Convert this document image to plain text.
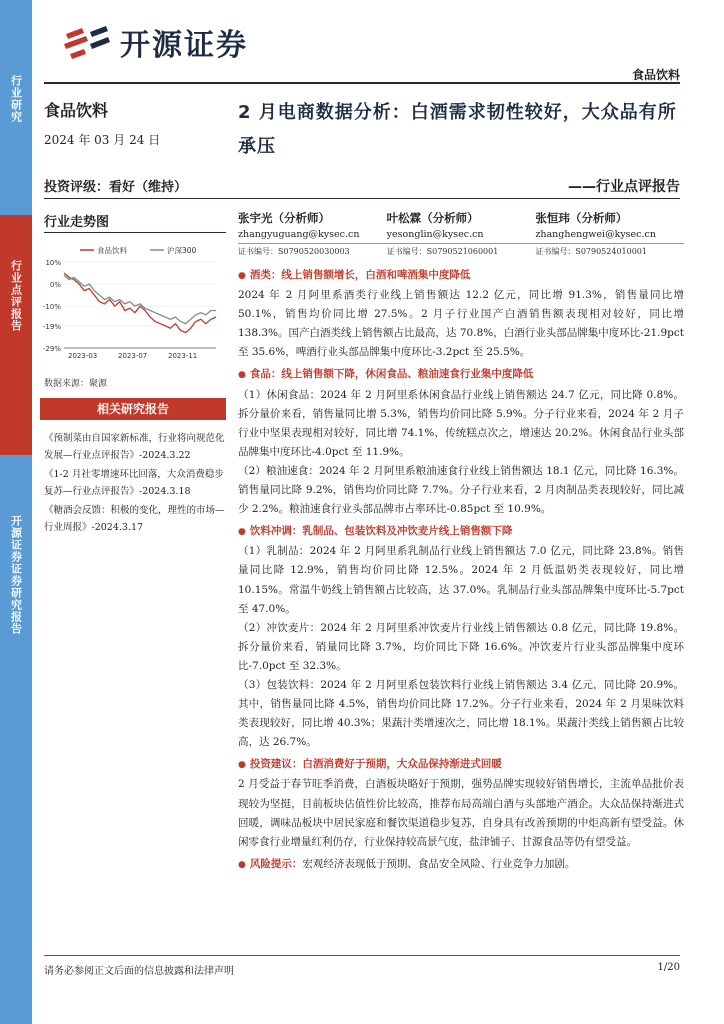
行业研究
行业点评报告
开源证券证券研究报告
开源证券
食品饮料
食品饮料
2024 年 03 月 24 日
投资评级：看好（维持）
2 月电商数据分析：白酒需求韧性较好，大众品有所承压
——行业点评报告
行业走势图
食品饮料	沪深300
10%
0%
-10%
-19%
-29%
2023-03	2023-07	2023-11
数据来源：聚源
相关研究报告
《预制菜由自国家新标准，行业将向规范化发展—行业点评报告》-2024.3.22
《1-2 月社零增速环比回落，大众消费稳步复苏—行业点评报告》-2024.3.18
《糖酒会反馈：积极的变化，理性的市场—行业周报》-2024.3.17
张宇光（分析师）
zhangyuguang@kysec.cn
证书编号：S0790520030003
叶松霖（分析师）
yesonglin@kysec.cn
证书编号：S0790521060001
张恒玮（分析师）
zhanghengwei@kysec.cn
证书编号：S0790524010001
● 酒类：线上销售额增长，白酒和啤酒集中度降低
2024 年 2 月阿里系酒类行业线上销售额达 12.2 亿元，同比增 91.3%，销售量同比增 50.1%，销售均价同比增 27.5%。2 月子行业国产白酒销售额表现相对较好，同比增 138.3%。国产白酒类线上销售额占比最高，达 70.8%，白酒行业头部品牌集中度环比-21.9pct 至 35.6%，啤酒行业头部品牌集中度环比-3.2pct 至 25.5%。
● 食品：线上销售额下降，休闲食品、粮油速食行业集中度降低
（1）休闲食品：2024 年 2 月阿里系休闲食品行业线上销售额达 24.7 亿元，同比降 0.8%。拆分量价来看，销售量同比增 5.3%，销售均价同比降 5.9%。分子行业来看，2024 年 2 月子行业中坚果表现相对较好，同比增 74.1%，传统糕点次之，增速达 20.2%。休闲食品行业头部品牌集中度环比-4.0pct 至 11.9%。
（2）粮油速食：2024 年 2 月阿里系粮油速食行业线上销售额达 18.1 亿元，同比降 16.3%。销售量同比降 9.2%，销售均价同比降 7.7%。分子行业来看，2 月肉制品类表现较好，同比减少 2.2%。粮油速食行业头部品牌市占率环比-0.85pct 至 10.9%。
● 饮料冲调：乳制品、包装饮料及冲饮麦片线上销售额下降
（1）乳制品：2024 年 2 月阿里系乳制品行业线上销售额达 7.0 亿元，同比降 23.8%。销售量同比降 12.9%，销售均价同比降 12.5%。2024 年 2 月低温奶类表现较好，同比增 10.15%。常温牛奶线上销售额占比较高，达 37.0%。乳制品行业头部品牌集中度环比-5.7pct 至 47.0%。
（2）冲饮麦片：2024 年 2 月阿里系冲饮麦片行业线上销售额达 0.8 亿元，同比降 19.8%。拆分量价来看，销量同比降 3.7%，均价同比下降 16.6%。冲饮麦片行业头部品牌集中度环比-7.0pct 至 32.3%。
（3）包装饮料：2024 年 2 月阿里系包装饮料行业线上销售额达 3.4 亿元，同比降 20.9%。其中，销售量同比降 4.5%，销售均价同比降 17.2%。分子行业来看，2024 年 2 月果味饮料类表现较好，同比增 40.3%；果蔬汁类增速次之，同比增 18.1%。果蔬汁类线上销售额占比较高，达 26.7%。
● 投资建议：白酒消费好于预期，大众品保持渐进式回暖
2 月受益于春节旺季消费，白酒板块略好于预期，强势品牌实现较好销售增长，主流单品批价表现较为坚挺，目前板块估值性价比较高，推荐布局高端白酒与头部地产酒企。大众品保持渐进式回暖，调味品板块中居民家庭和餐饮渠道稳步复苏，自身具有改善预期的中炬高新有望受益。休闲零食行业增量红利仍存，行业保持较高景气度，盐津铺子、甘源食品等仍有望受益。
● 风险提示：宏观经济表现低于预期、食品安全风险、行业竞争力加剧。
请务必参阅正文后面的信息披露和法律声明	1/20
